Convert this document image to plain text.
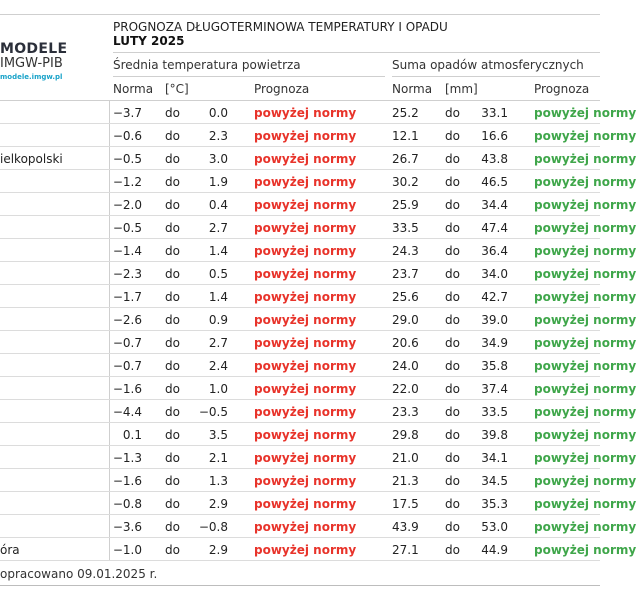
MODELE
IMGW-PIB
modele.imgw.pl
PROGNOZA DŁUGOTERMINOWA TEMPERATURY I OPADU
LUTY 2025
Średnia temperatura powietrza	Suma opadów atmosferycznych
Norma [°C]	Prognoza	Norma [mm]	Prognoza
−3.7 do 0.0 powyżej normy	25.2 do 33.1 powyżej normy
−0.6 do 2.3 powyżej normy	12.1 do 16.6 powyżej normy
ielkopolski	−0.5 do 3.0 powyżej normy	26.7 do 43.8 powyżej normy
−1.2 do 1.9 powyżej normy	30.2 do 46.5 powyżej normy
−2.0 do 0.4 powyżej normy	25.9 do 34.4 powyżej normy
−0.5 do 2.7 powyżej normy	33.5 do 47.4 powyżej normy
−1.4 do 1.4 powyżej normy	24.3 do 36.4 powyżej normy
−2.3 do 0.5 powyżej normy	23.7 do 34.0 powyżej normy
−1.7 do 1.4 powyżej normy	25.6 do 42.7 powyżej normy
−2.6 do 0.9 powyżej normy	29.0 do 39.0 powyżej normy
−0.7 do 2.7 powyżej normy	20.6 do 34.9 powyżej normy
−0.7 do 2.4 powyżej normy	24.0 do 35.8 powyżej normy
−1.6 do 1.0 powyżej normy	22.0 do 37.4 powyżej normy
−4.4 do −0.5 powyżej normy	23.3 do 33.5 powyżej normy
0.1 do 3.5 powyżej normy	29.8 do 39.8 powyżej normy
−1.3 do 2.1 powyżej normy	21.0 do 34.1 powyżej normy
−1.6 do 1.3 powyżej normy	21.3 do 34.5 powyżej normy
−0.8 do 2.9 powyżej normy	17.5 do 35.3 powyżej normy
−3.6 do −0.8 powyżej normy	43.9 do 53.0 powyżej normy
óra	−1.0 do 2.9 powyżej normy	27.1 do 44.9 powyżej normy
opracowano 09.01.2025 r.
